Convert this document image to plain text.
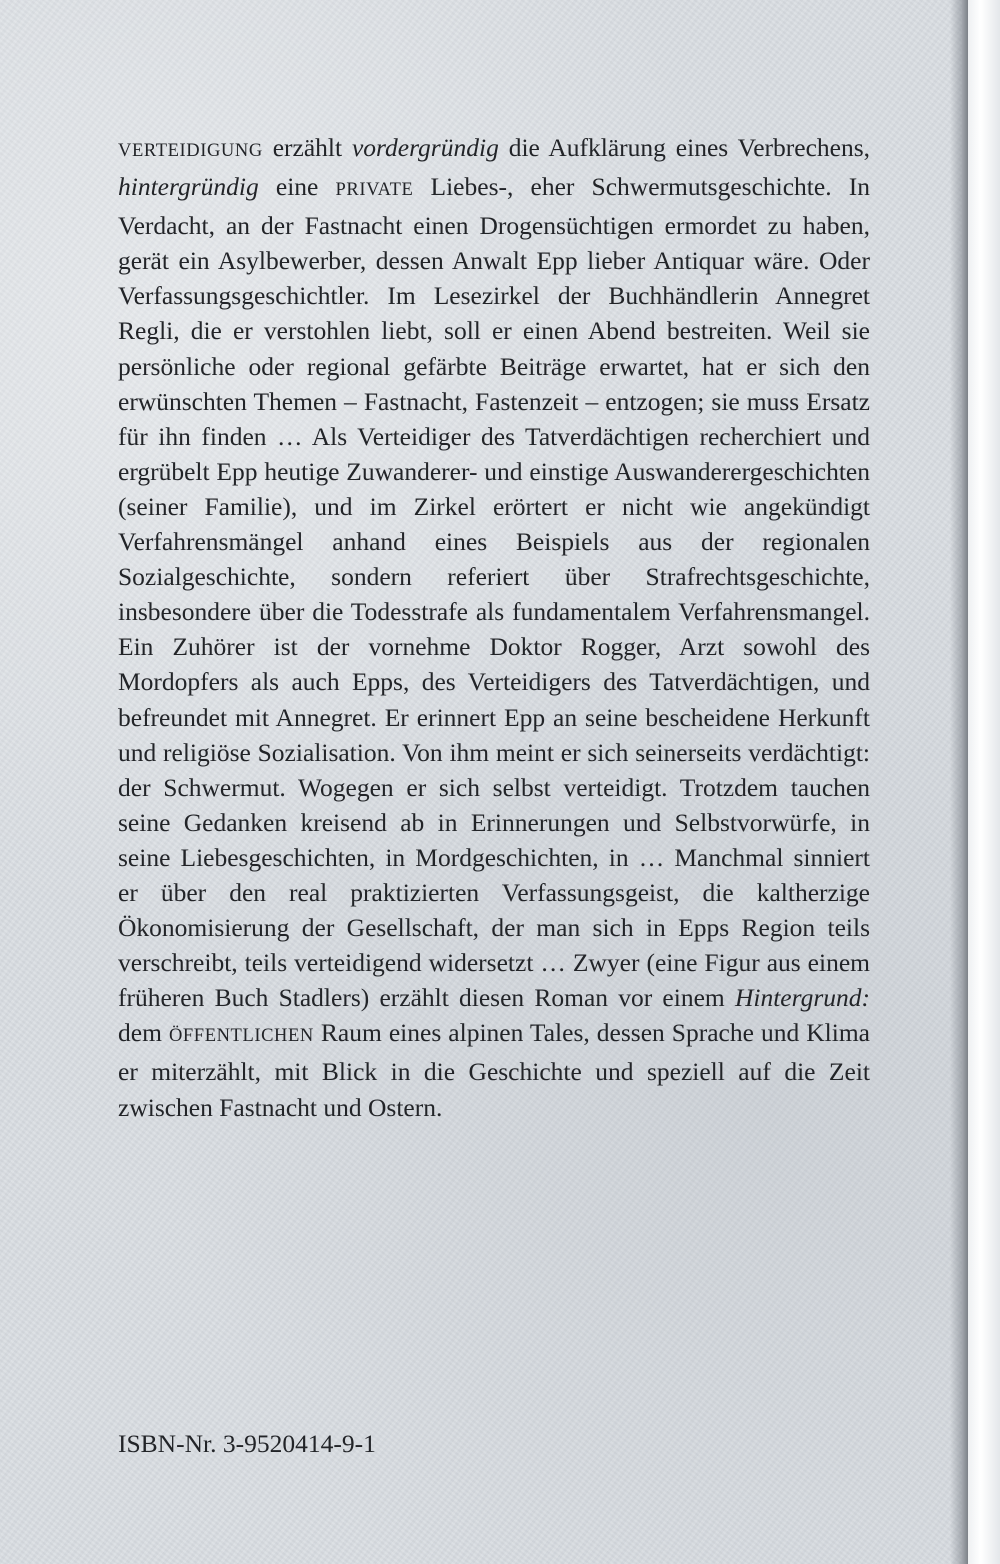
VERTEIDIGUNG erzählt vordergründig die Aufklärung eines Verbrechens, hintergründig eine PRIVATE Liebes-, eher Schwermutsgeschichte. In Verdacht, an der Fastnacht einen Drogensüchtigen ermordet zu haben, gerät ein Asylbewerber, dessen Anwalt Epp lieber Antiquar wäre. Oder Verfassungsgeschichtler. Im Lesezirkel der Buchhändlerin Annegret Regli, die er verstohlen liebt, soll er einen Abend bestreiten. Weil sie persönliche oder regional gefärbte Beiträge erwartet, hat er sich den erwünschten Themen – Fastnacht, Fastenzeit – entzogen; sie muss Ersatz für ihn finden … Als Verteidiger des Tatverdächtigen recherchiert und ergrübelt Epp heutige Zuwanderer- und einstige Auswanderergeschichten (seiner Familie), und im Zirkel erörtert er nicht wie angekündigt Verfahrensmängel anhand eines Beispiels aus der regionalen Sozialgeschichte, sondern referiert über Strafrechtsgeschichte, insbesondere über die Todesstrafe als fundamentalem Verfahrensmangel. Ein Zuhörer ist der vornehme Doktor Rogger, Arzt sowohl des Mordopfers als auch Epps, des Verteidigers des Tatverdächtigen, und befreundet mit Annegret. Er erinnert Epp an seine bescheidene Herkunft und religiöse Sozialisation. Von ihm meint er sich seinerseits verdächtigt: der Schwermut. Wogegen er sich selbst verteidigt. Trotzdem tauchen seine Gedanken kreisend ab in Erinnerungen und Selbstvorwürfe, in seine Liebesgeschichten, in Mordgeschichten, in … Manchmal sinniert er über den real praktizierten Verfassungsgeist, die kaltherzige Ökonomisierung der Gesellschaft, der man sich in Epps Region teils verschreibt, teils verteidigend widersetzt … Zwyer (eine Figur aus einem früheren Buch Stadlers) erzählt diesen Roman vor einem Hintergrund: dem ÖFFENTLICHEN Raum eines alpinen Tales, dessen Sprache und Klima er miterzählt, mit Blick in die Geschichte und speziell auf die Zeit zwischen Fastnacht und Ostern.

ISBN-Nr. 3-9520414-9-1
